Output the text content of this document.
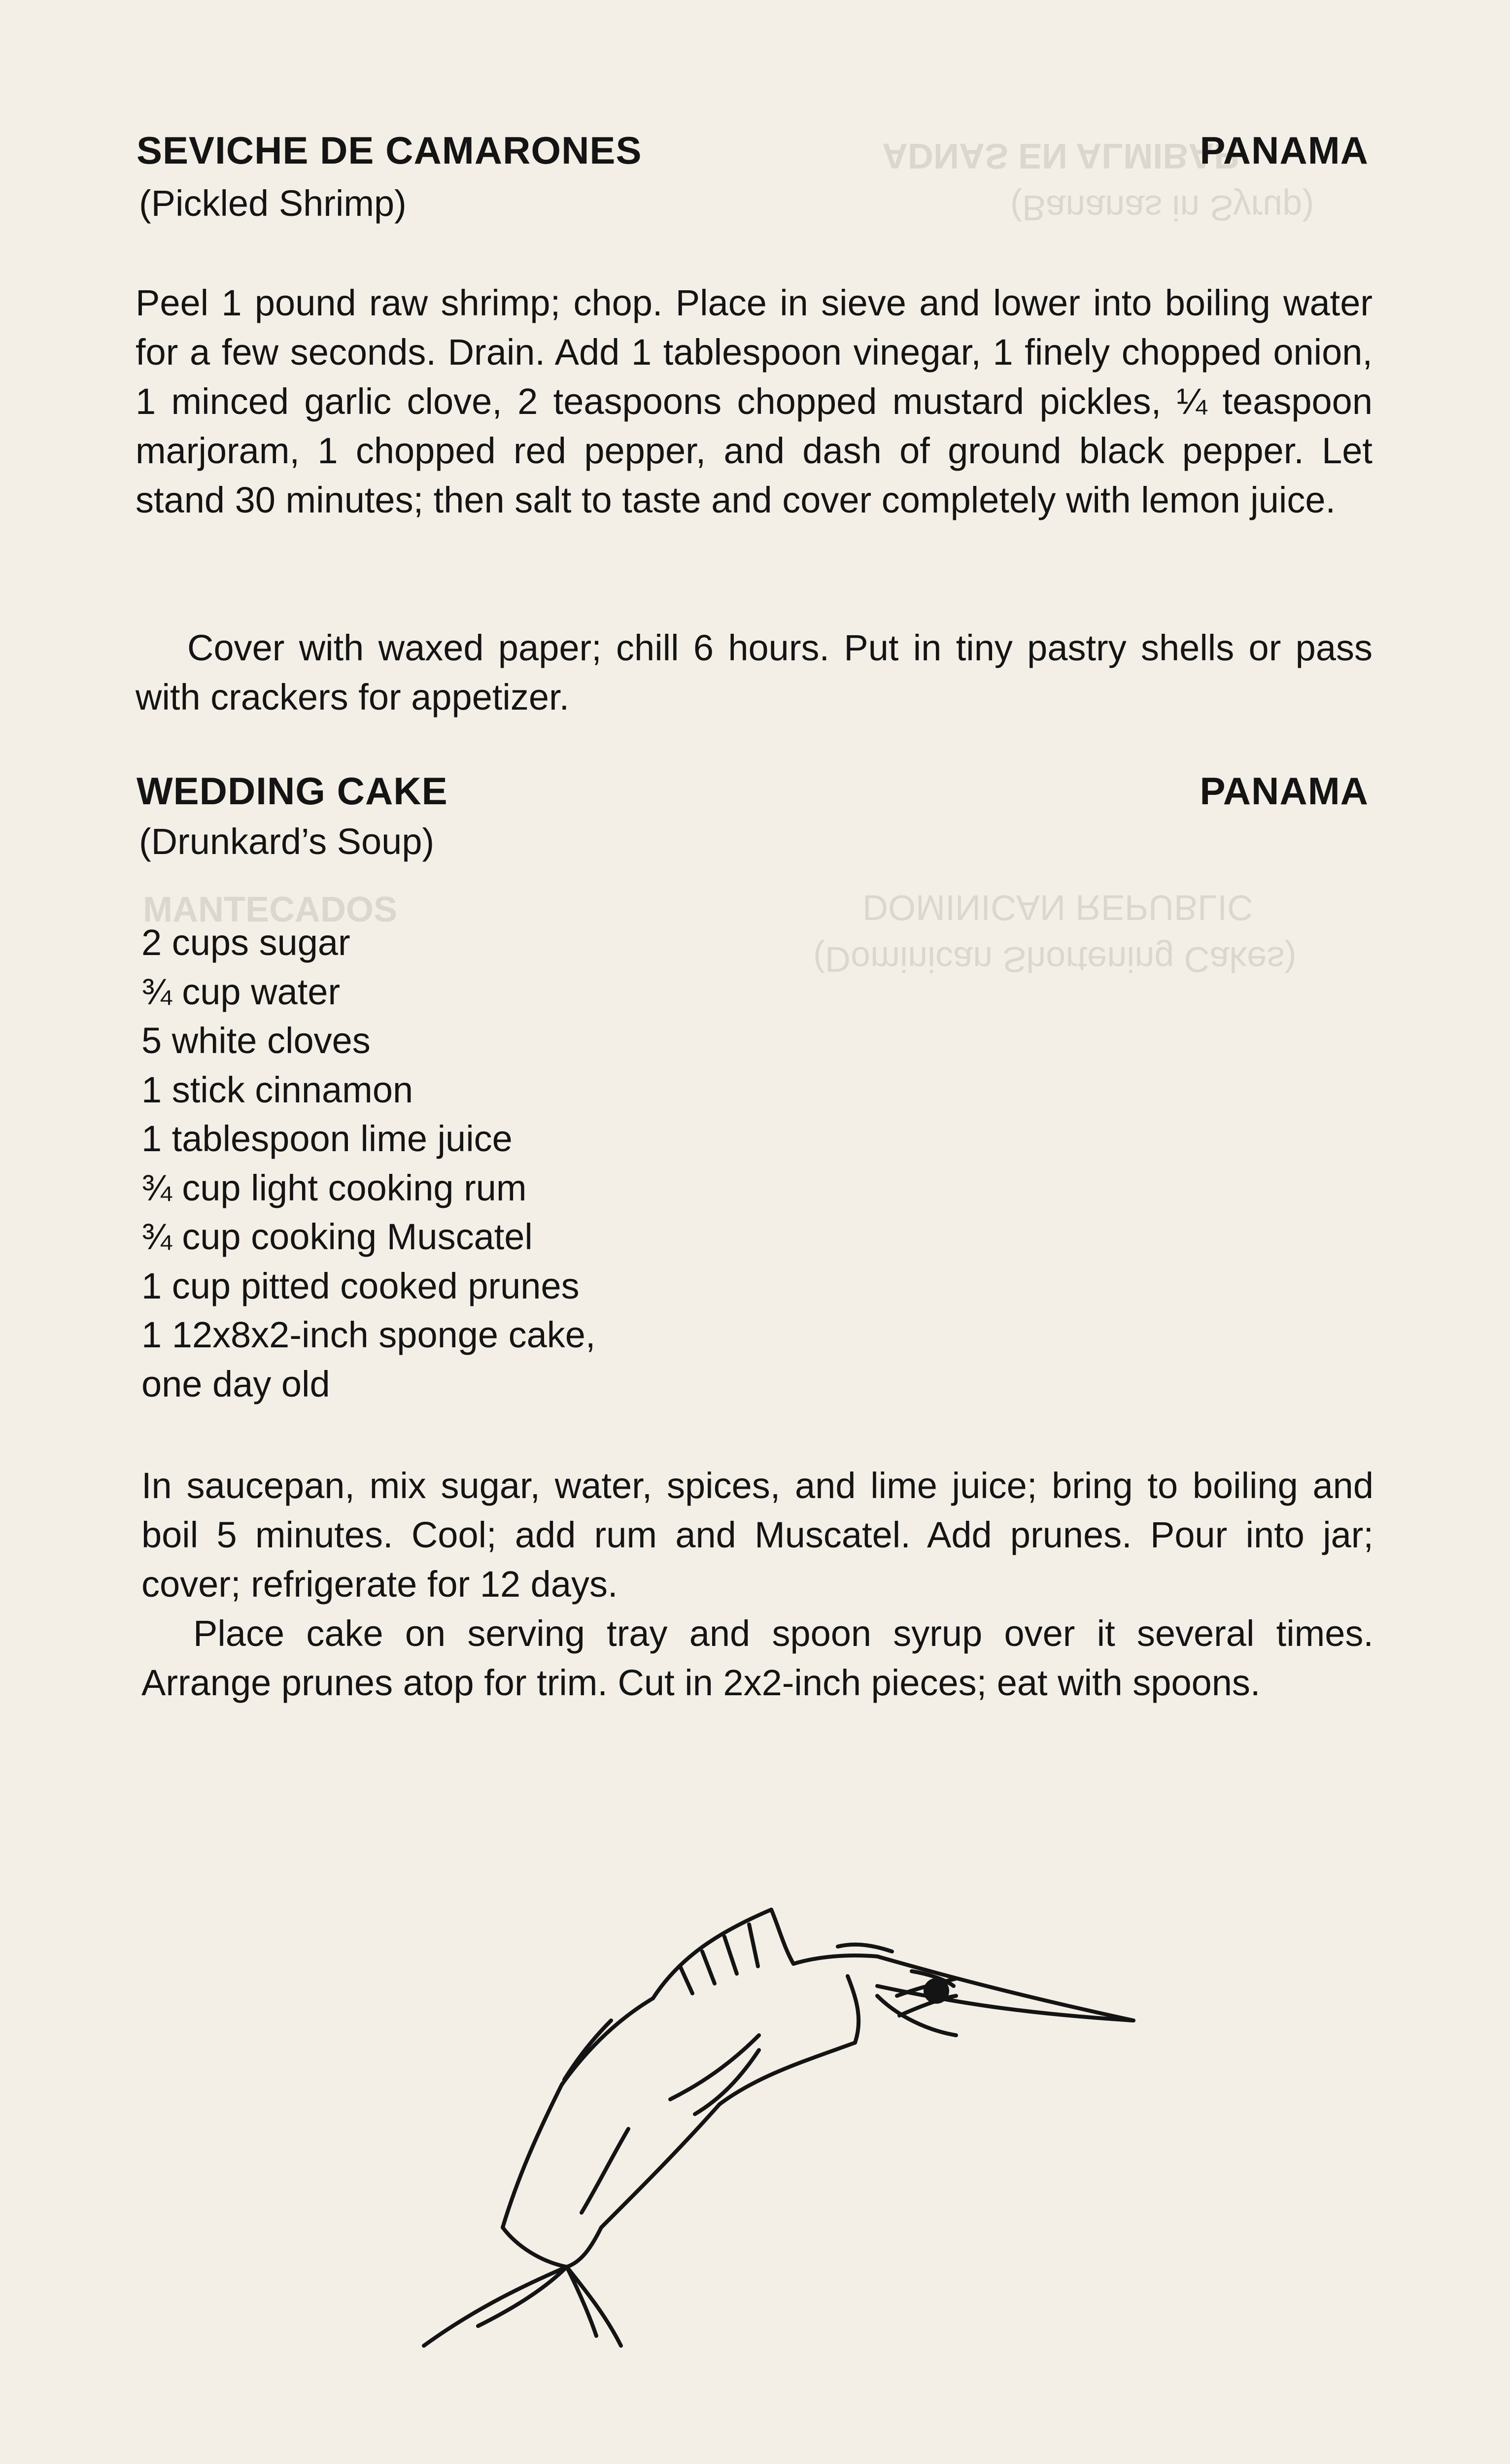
ADNAS EN ALMIBAR
(Bananas in Syrup)
MANTECADOS	DOMINICAN REPUBLIC
(Dominican Shortening Cakes)
SEVICHE DE CAMARONES	PANAMA
(Pickled Shrimp)

Peel 1 pound raw shrimp; chop. Place in sieve and lower into boiling water for a few seconds. Drain. Add 1 tablespoon vinegar, 1 finely chopped onion, 1 minced garlic clove, 2 teaspoons chopped mustard pickles, ¼ teaspoon marjoram, 1 chopped red pepper, and dash of ground black pepper. Let stand 30 minutes; then salt to taste and cover completely with lemon juice.

Cover with waxed paper; chill 6 hours. Put in tiny pastry shells or pass with crackers for appetizer.

WEDDING CAKE	PANAMA
(Drunkard’s Soup)
2 cups sugar
¾ cup water
5 white cloves
1 stick cinnamon
1 tablespoon lime juice
¾ cup light cooking rum
¾ cup cooking Muscatel
1 cup pitted cooked prunes
1 12x8x2-inch sponge cake,
one day old

In saucepan, mix sugar, water, spices, and lime juice; bring to boiling and boil 5 minutes. Cool; add rum and Muscatel. Add prunes. Pour into jar; cover; refrigerate for 12 days.

Place cake on serving tray and spoon syrup over it several times. Arrange prunes atop for trim. Cut in 2x2-inch pieces; eat with spoons.
